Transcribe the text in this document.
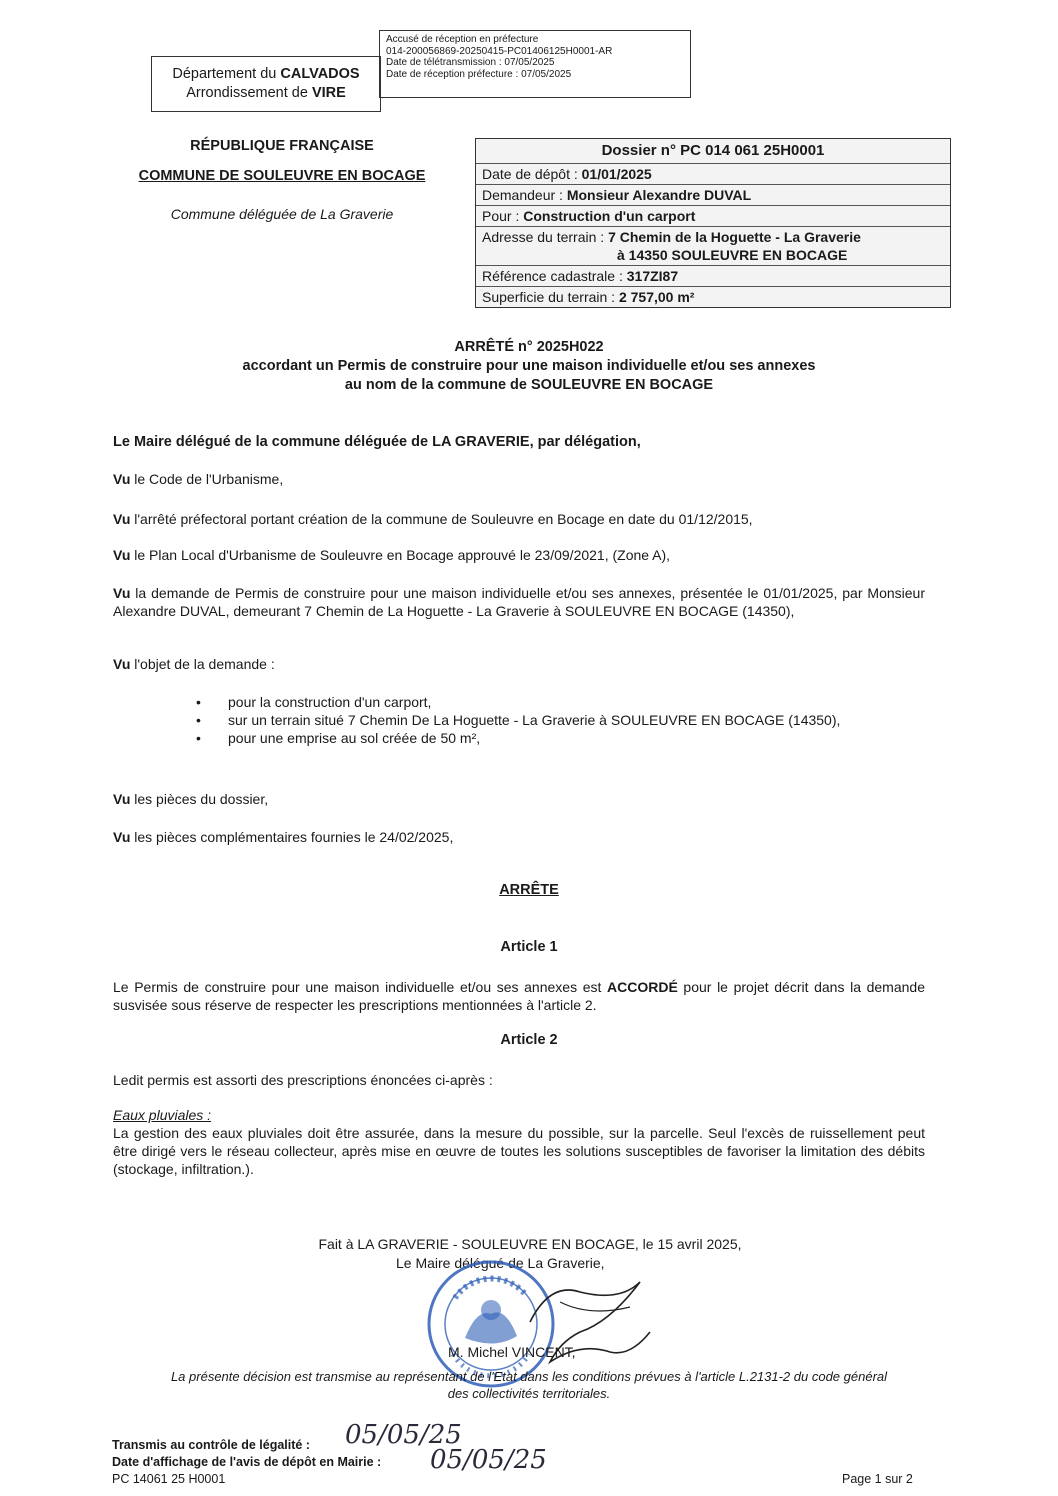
Accusé de réception en préfecture
014-200056869-20250415-PC01406125H0001-AR
Date de télétransmission : 07/05/2025
Date de réception préfecture : 07/05/2025
Département du CALVADOS
Arrondissement de VIRE
RÉPUBLIQUE FRANÇAISE
COMMUNE DE SOULEUVRE EN BOCAGE
Commune déléguée de La Graverie
Dossier n° PC 014 061 25H0001
Date de dépôt : 01/01/2025
Demandeur : Monsieur Alexandre DUVAL
Pour : Construction d'un carport
Adresse du terrain : 7 Chemin de la Hoguette - La Graverie
à 14350 SOULEUVRE EN BOCAGE
Référence cadastrale : 317ZI87
Superficie du terrain : 2 757,00 m²
ARRÊTÉ n° 2025H022
accordant un Permis de construire pour une maison individuelle et/ou ses annexes
au nom de la commune de SOULEUVRE EN BOCAGE
Le Maire délégué de la commune déléguée de LA GRAVERIE, par délégation,
Vu le Code de l'Urbanisme,
Vu l'arrêté préfectoral portant création de la commune de Souleuvre en Bocage en date du 01/12/2015,
Vu le Plan Local d'Urbanisme de Souleuvre en Bocage approuvé le 23/09/2021, (Zone A),
Vu la demande de Permis de construire pour une maison individuelle et/ou ses annexes, présentée le 01/01/2025, par Monsieur Alexandre DUVAL, demeurant 7 Chemin de La Hoguette - La Graverie à SOULEUVRE EN BOCAGE (14350),
Vu l'objet de la demande :
• pour la construction d'un carport,
• sur un terrain situé 7 Chemin De La Hoguette - La Graverie à SOULEUVRE EN BOCAGE (14350),
• pour une emprise au sol créée de 50 m²,
Vu les pièces du dossier,
Vu les pièces complémentaires fournies le 24/02/2025,
ARRÊTE
Article 1
Le Permis de construire pour une maison individuelle et/ou ses annexes est ACCORDÉ pour le projet décrit dans la demande susvisée sous réserve de respecter les prescriptions mentionnées à l'article 2.
Article 2
Ledit permis est assorti des prescriptions énoncées ci-après :
Eaux pluviales :
La gestion des eaux pluviales doit être assurée, dans la mesure du possible, sur la parcelle. Seul l'excès de ruissellement peut être dirigé vers le réseau collecteur, après mise en œuvre de toutes les solutions susceptibles de favoriser la limitation des débits (stockage, infiltration.).
Fait à LA GRAVERIE - SOULEUVRE EN BOCAGE, le 15 avril 2025,
Le Maire délégué de La Graverie,
M. Michel VINCENT,
La présente décision est transmise au représentant de l'Etat dans les conditions prévues à l'article L.2131-2 du code général
des collectivités territoriales.
Transmis au contrôle de légalité : 05/05/25
Date d'affichage de l'avis de dépôt en Mairie : 05/05/25
PC 14061 25 H0001	Page 1 sur 2
